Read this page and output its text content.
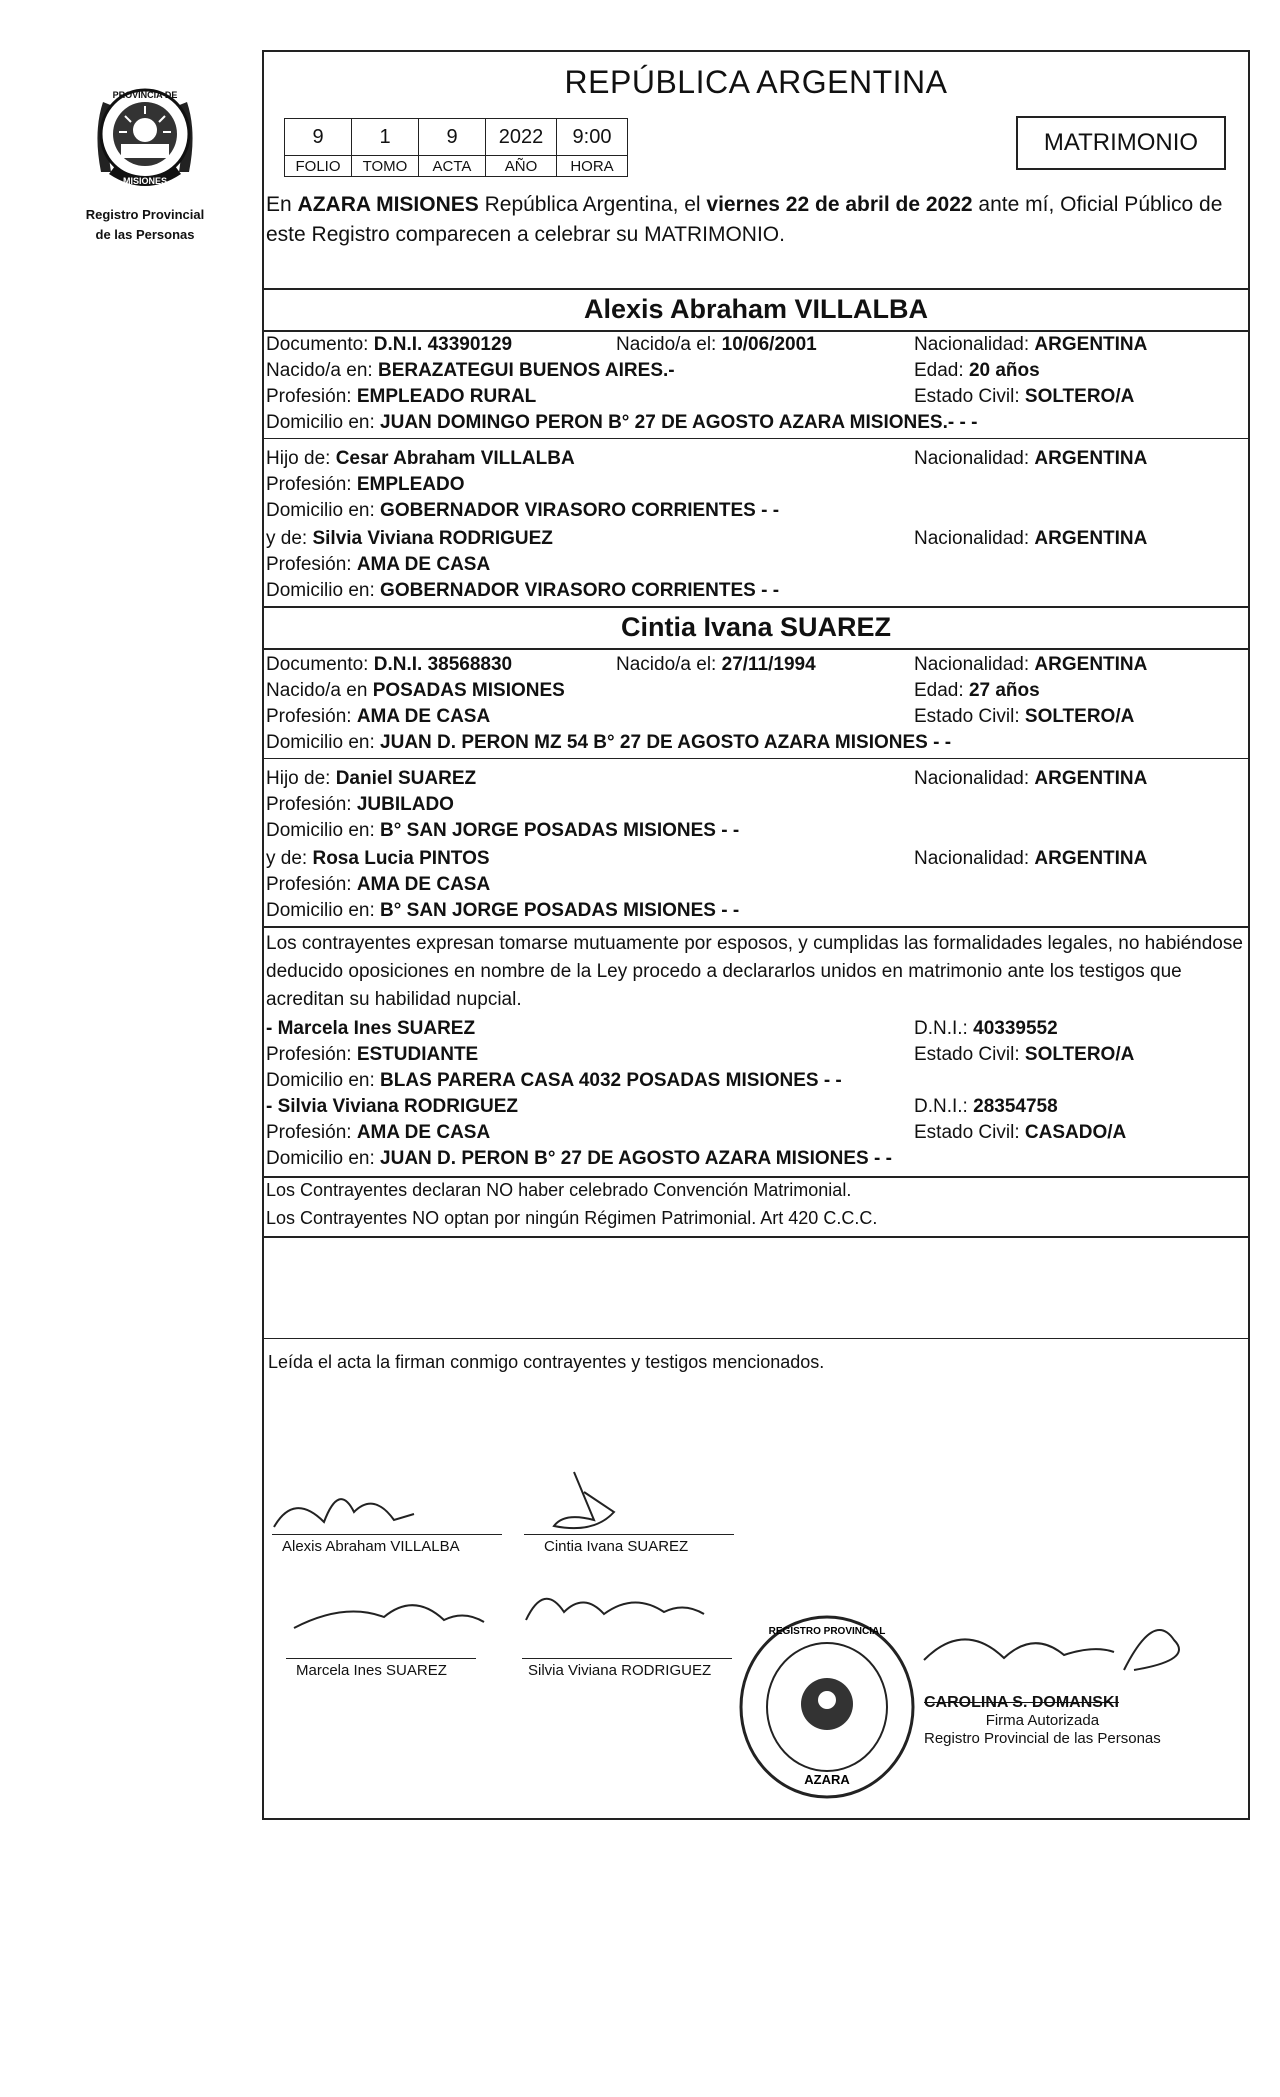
MISIONES
PROVINCIA DE
Registro Provincial
de las Personas
REPÚBLICA ARGENTINA
9	1	9	2022	9:00
FOLIO	TOMO	ACTA	AÑO	HORA
MATRIMONIO
En AZARA MISIONES República Argentina, el viernes 22 de abril de 2022 ante mí, Oficial Público de este Registro comparecen a celebrar su MATRIMONIO.
Alexis Abraham VILLALBA
Documento: D.N.I. 43390129	Nacido/a el: 10/06/2001	Nacionalidad: ARGENTINA
Nacido/a en: BERAZATEGUI BUENOS AIRES.-	Edad: 20 años
Profesión: EMPLEADO RURAL	Estado Civil: SOLTERO/A
Domicilio en: JUAN DOMINGO PERON B° 27 DE AGOSTO AZARA MISIONES.- - -
Hijo de: Cesar Abraham VILLALBA	Nacionalidad: ARGENTINA
Profesión: EMPLEADO
Domicilio en: GOBERNADOR VIRASORO CORRIENTES - -
y de: Silvia Viviana RODRIGUEZ	Nacionalidad: ARGENTINA
Profesión: AMA DE CASA
Domicilio en: GOBERNADOR VIRASORO CORRIENTES - -
Cintia Ivana SUAREZ
Documento: D.N.I. 38568830	Nacido/a el: 27/11/1994	Nacionalidad: ARGENTINA
Nacido/a en POSADAS MISIONES	Edad: 27 años
Profesión: AMA DE CASA	Estado Civil: SOLTERO/A
Domicilio en: JUAN D. PERON MZ 54 B° 27 DE AGOSTO AZARA MISIONES - -
Hijo de: Daniel SUAREZ	Nacionalidad: ARGENTINA
Profesión: JUBILADO
Domicilio en: B° SAN JORGE POSADAS MISIONES - -
y de: Rosa Lucia PINTOS	Nacionalidad: ARGENTINA
Profesión: AMA DE CASA
Domicilio en: B° SAN JORGE POSADAS MISIONES - -
Los contrayentes expresan tomarse mutuamente por esposos, y cumplidas las formalidades legales, no habiéndose deducido oposiciones en nombre de la Ley procedo a declararlos unidos en matrimonio ante los testigos que acreditan su habilidad nupcial.
- Marcela Ines SUAREZ	D.N.I.: 40339552
Profesión: ESTUDIANTE	Estado Civil: SOLTERO/A
Domicilio en: BLAS PARERA CASA 4032 POSADAS MISIONES - -
- Silvia Viviana RODRIGUEZ	D.N.I.: 28354758
Profesión: AMA DE CASA	Estado Civil: CASADO/A
Domicilio en: JUAN D. PERON B° 27 DE AGOSTO AZARA MISIONES - -
Los Contrayentes declaran NO haber celebrado Convención Matrimonial.
Los Contrayentes NO optan por ningún Régimen Patrimonial. Art 420 C.C.C.
Leída el acta la firman conmigo contrayentes y testigos mencionados.
Alexis Abraham VILLALBA	Cintia Ivana SUAREZ
Marcela Ines SUAREZ	Silvia Viviana RODRIGUEZ
AZARA
REGISTRO PROVINCIAL
CAROLINA S. DOMANSKI
Firma Autorizada
Registro Provincial de las Personas
